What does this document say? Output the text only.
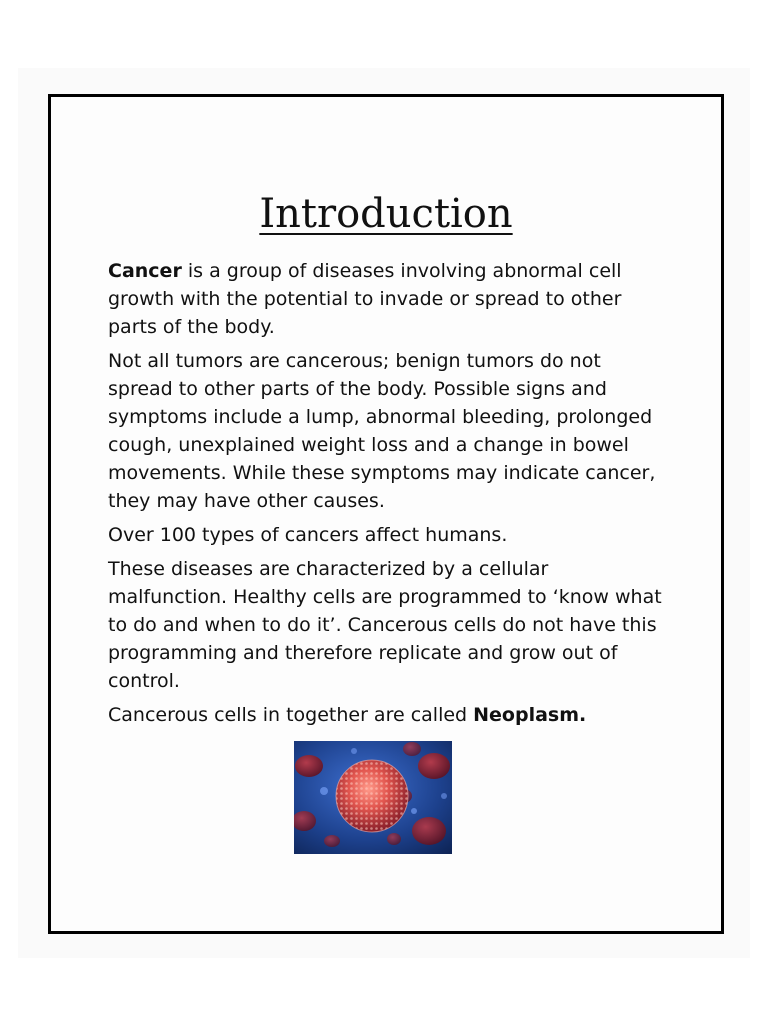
Introduction

Cancer is a group of diseases involving abnormal cell growth with the potential to invade or spread to other parts of the body.

Not all tumors are cancerous; benign tumors do not spread to other parts of the body. Possible signs and symptoms include a lump, abnormal bleeding, prolonged cough, unexplained weight loss and a change in bowel movements. While these symptoms may indicate cancer, they may have other causes.

Over 100 types of cancers affect humans.

These diseases are characterized by a cellular malfunction. Healthy cells are programmed to ‘know what to do and when to do it’. Cancerous cells do not have this programming and therefore replicate and grow out of control.

Cancerous cells in together are called Neoplasm.
